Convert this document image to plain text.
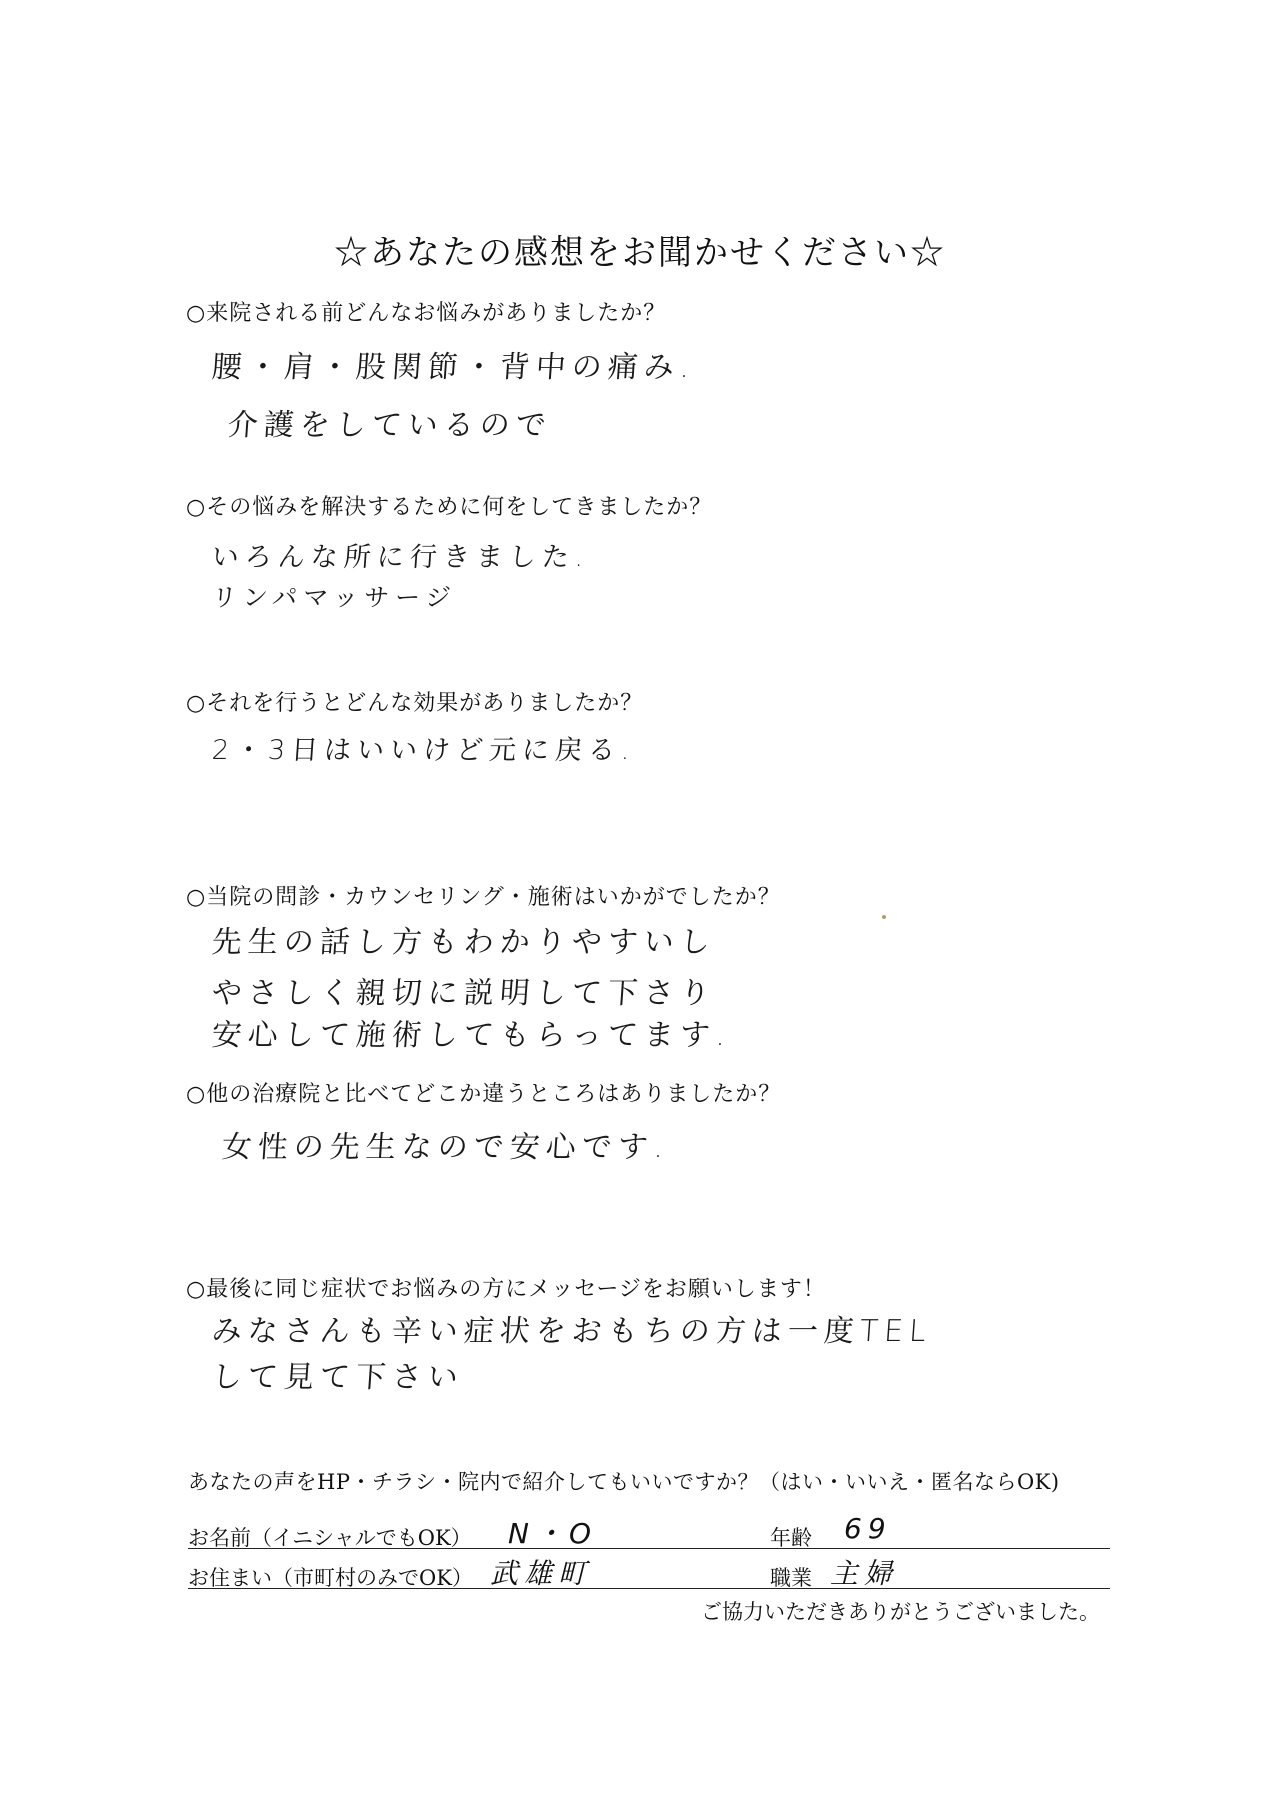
☆あなたの感想をお聞かせください☆
○来院される前どんなお悩みがありましたか？
腰・肩・股関節・背中の痛み.
介護をしているので
○その悩みを解決するために何をしてきましたか？
いろんな所に行きました.
リンパマッサージ
○それを行うとどんな効果がありましたか？
2・3日はいいけど元に戻る.
○当院の問診・カウンセリング・施術はいかがでしたか？
先生の話し方もわかりやすいし
やさしく親切に説明して下さり
安心して施術してもらってます.
○他の治療院と比べてどこか違うところはありましたか？
女性の先生なので安心です.
○最後に同じ症状でお悩みの方にメッセージをお願いします！
みなさんも辛い症状をおもちの方は一度TEL
して見て下さい
あなたの声をHP・チラシ・院内で紹介してもいいですか？（はい・いいえ・匿名ならOK)
お名前（イニシャルでもOK） N・O	年齢 69
お住まい（市町村のみでOK） 武雄町	職業 主婦
ご協力いただきありがとうございました。
